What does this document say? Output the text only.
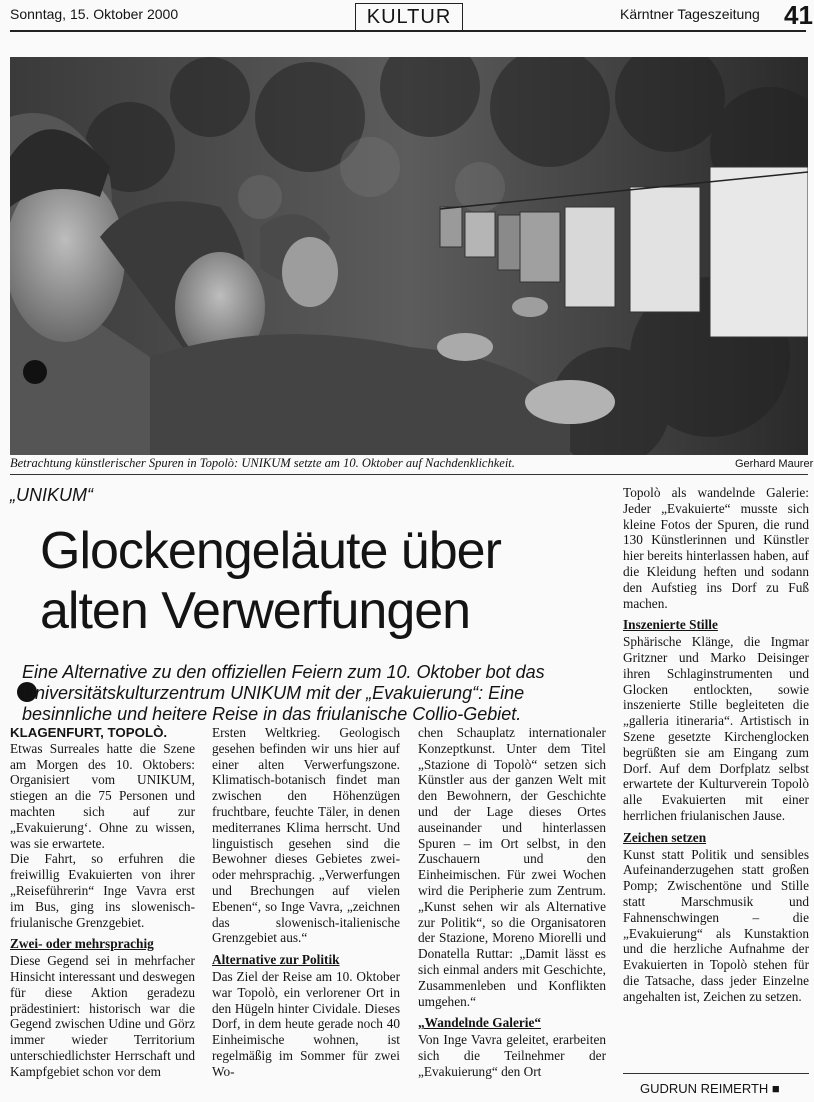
Sonntag, 15. Oktober 2000	KULTUR	Kärntner Tageszeitung 41
Betrachtung künstlerischer Spuren in Topolò: UNIKUM setzte am 10. Oktober auf Nachdenklichkeit.	Gerhard Maurer
„UNIKUM“
Glockengeläute über
alten Verwerfungen
Eine Alternative zu den offiziellen Feiern zum 10. Oktober bot das Universitätskulturzentrum UNIKUM mit der „Evakuierung“: Eine besinnliche und heitere Reise in das friulanische Collio-Gebiet.

KLAGENFURT, TOPOLÒ.

Etwas Surreales hatte die Szene am Morgen des 10. Oktobers: Organisiert vom UNIKUM, stiegen an die 75 Personen und machten sich auf zur „Evakuierung‘. Ohne zu wissen, was sie erwartete.

Die Fahrt, so erfuhren die freiwillig Evakuierten von ihrer „Reiseführerin“ Inge Vavra erst im Bus, ging ins slowenisch-friulanische Grenzgebiet.

Zwei- oder mehrsprachig

Diese Gegend sei in mehrfacher Hinsicht interessant und deswegen für diese Aktion geradezu prädestiniert: historisch war die Gegend zwischen Udine und Görz immer wieder Territorium unterschiedlichster Herrschaft und Kampfgebiet schon vor dem

Ersten Weltkrieg. Geologisch gesehen befinden wir uns hier auf einer alten Verwerfungszone. Klimatisch-botanisch findet man zwischen den Höhenzügen fruchtbare, feuchte Täler, in denen mediterranes Klima herrscht. Und linguistisch gesehen sind die Bewohner dieses Gebietes zwei- oder mehrsprachig. „Verwerfungen und Brechungen auf vielen Ebenen“, so Inge Vavra, „zeichnen das slowenisch-italienische Grenzgebiet aus.“

Alternative zur Politik

Das Ziel der Reise am 10. Oktober war Topolò, ein verlorener Ort in den Hügeln hinter Cividale. Dieses Dorf, in dem heute gerade noch 40 Einheimische wohnen, ist regelmäßig im Sommer für zwei Wo-

chen Schauplatz internationaler Konzeptkunst. Unter dem Titel „Stazione di Topolò“ setzen sich Künstler aus der ganzen Welt mit den Bewohnern, der Geschichte und der Lage dieses Ortes auseinander und hinterlassen Spuren – im Ort selbst, in den Zuschauern und den Einheimischen. Für zwei Wochen wird die Peripherie zum Zentrum. „Kunst sehen wir als Alternative zur Politik“, so die Organisatoren der Stazione, Moreno Miorelli und Donatella Ruttar: „Damit lässt es sich einmal anders mit Geschichte, Zusammenleben und Konflikten umgehen.“

„Wandelnde Galerie“

Von Inge Vavra geleitet, erarbeiten sich die Teilnehmer der „Evakuierung“ den Ort

Topolò als wandelnde Galerie: Jeder „Evakuierte“ musste sich kleine Fotos der Spuren, die rund 130 Künstlerinnen und Künstler hier bereits hinterlassen haben, auf die Kleidung heften und sodann den Aufstieg ins Dorf zu Fuß machen.

Inszenierte Stille

Sphärische Klänge, die Ingmar Gritzner und Marko Deisinger ihren Schlaginstrumenten und Glocken entlockten, sowie inszenierte Stille begleiteten die „galleria itineraria“. Artistisch in Szene gesetzte Kirchenglocken begrüßten sie am Eingang zum Dorf. Auf dem Dorfplatz selbst erwartete der Kulturverein Topolò alle Evakuierten mit einer herrlichen friulanischen Jause.

Zeichen setzen

Kunst statt Politik und sensibles Aufeinanderzugehen statt großen Pomp; Zwischentöne und Stille statt Marschmusik und Fahnenschwingen – die „Evakuierung“ als Kunstaktion und die herzliche Aufnahme der Evakuierten in Topolò stehen für die Tatsache, dass jeder Einzelne angehalten ist, Zeichen zu setzen.

GUDRUN REIMERTH ■
